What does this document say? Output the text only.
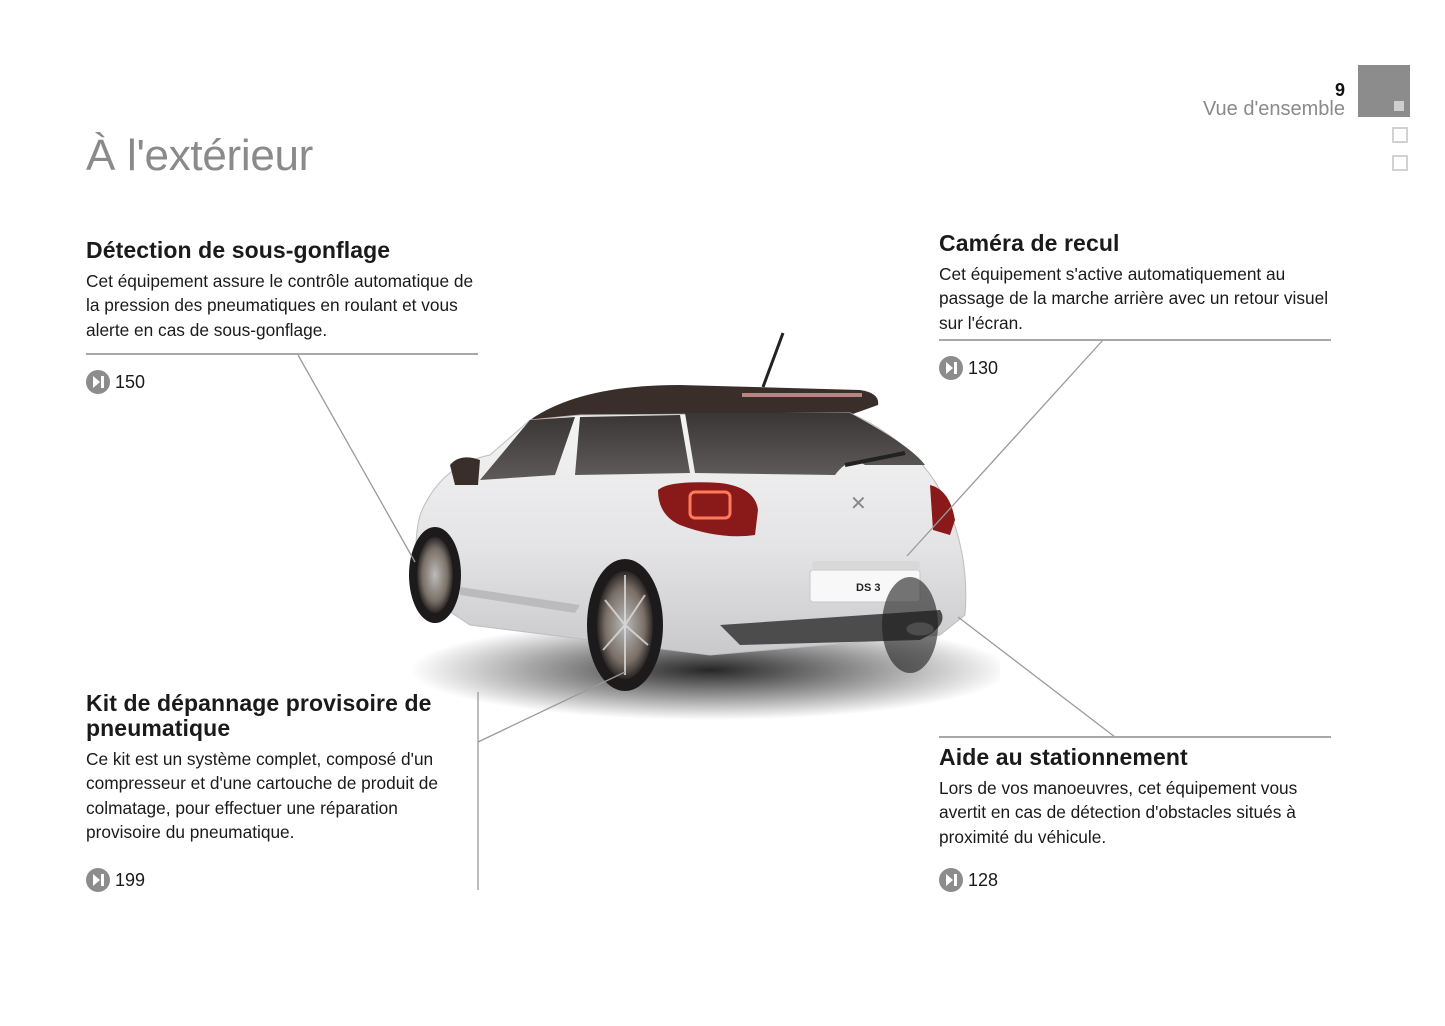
9
Vue d'ensemble
À l'extérieur
✕
DS 3
Détection de sous-gonflage

Cet équipement assure le contrôle automatique de la pression des pneumatiques en roulant et vous alerte en cas de sous-gonflage.

150
Caméra de recul

Cet équipement s'active automatiquement au passage de la marche arrière avec un retour visuel sur l'écran.

130
Kit de dépannage provisoire de pneumatique

Ce kit est un système complet, composé d'un compresseur et d'une cartouche de produit de colmatage, pour effectuer une réparation provisoire du pneumatique.

199
Aide au stationnement

Lors de vos manoeuvres, cet équipement vous avertit en cas de détection d'obstacles situés à proximité du véhicule.

128
